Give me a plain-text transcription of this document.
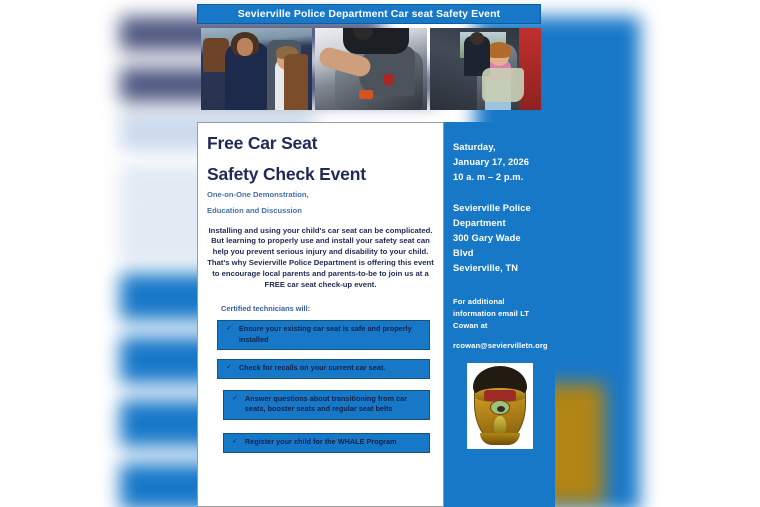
Sevierville Police Department Car seat Safety Event
Free Car Seat
Safety Check Event
One-on-One Demonstration,
Education and Discussion
Installing and using your child's car seat can be complicated. But learning to properly use and install your safety seat can help you prevent serious injury and disability to your child.
That's why Sevierville Police Department is offering this event to encourage local parents and parents-to-be to join us at a FREE car seat check-up event.
Certified technicians will:
✓ Ensure your existing car seat is safe and properly installed
✓ Check for recalls on your current car seat.
✓ Answer questions about transitioning from car seats, booster seats and regular seat belts
✓ Register your child for the WHALE Program
Saturday,
January 17, 2026
10 a. m – 2 p.m.
Sevierville Police
Department
300 Gary Wade
Blvd
Sevierville, TN
For additional
information email LT
Cowan at
rcowan@seviervilletn.org
